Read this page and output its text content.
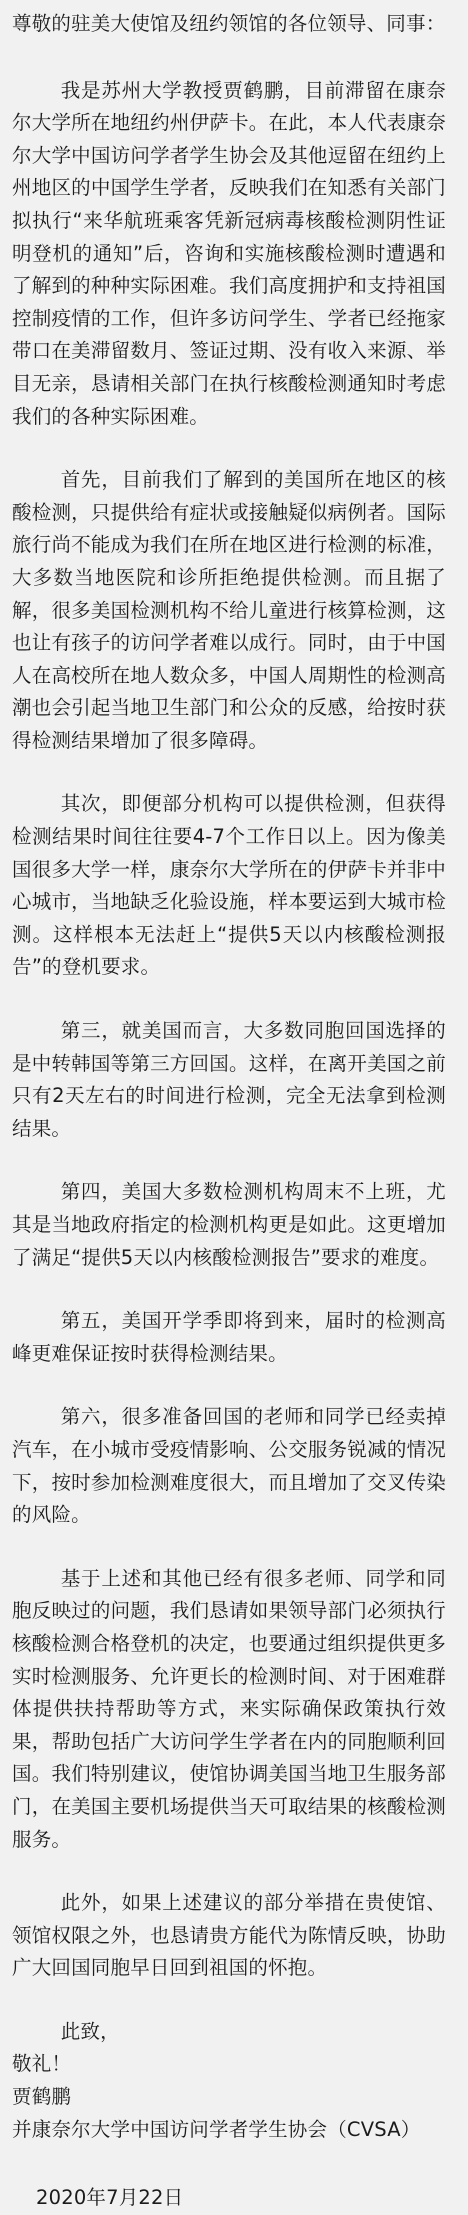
尊敬的驻美大使馆及纽约领馆的各位领导、同事：

我是苏州大学教授贾鹤鹏，目前滞留在康奈尔大学所在地纽约州伊萨卡。在此，本人代表康奈尔大学中国访问学者学生协会及其他逗留在纽约上州地区的中国学生学者，反映我们在知悉有关部门拟执行“来华航班乘客凭新冠病毒核酸检测阴性证明登机的通知”后，咨询和实施核酸检测时遭遇和了解到的种种实际困难。我们高度拥护和支持祖国控制疫情的工作，但许多访问学生、学者已经拖家带口在美滞留数月、签证过期、没有收入来源、举目无亲，恳请相关部门在执行核酸检测通知时考虑我们的各种实际困难。

首先，目前我们了解到的美国所在地区的核酸检测，只提供给有症状或接触疑似病例者。国际旅行尚不能成为我们在所在地区进行检测的标准，大多数当地医院和诊所拒绝提供检测。而且据了解，很多美国检测机构不给儿童进行核算检测，这也让有孩子的访问学者难以成行。同时，由于中国人在高校所在地人数众多，中国人周期性的检测高潮也会引起当地卫生部门和公众的反感，给按时获得检测结果增加了很多障碍。

其次，即便部分机构可以提供检测，但获得检测结果时间往往要4-7个工作日以上。因为像美国很多大学一样，康奈尔大学所在的伊萨卡并非中心城市，当地缺乏化验设施，样本要运到大城市检测。这样根本无法赶上“提供5天以内核酸检测报告”的登机要求。

第三，就美国而言，大多数同胞回国选择的是中转韩国等第三方回国。这样，在离开美国之前只有2天左右的时间进行检测，完全无法拿到检测结果。

第四，美国大多数检测机构周末不上班，尤其是当地政府指定的检测机构更是如此。这更增加了满足“提供5天以内核酸检测报告”要求的难度。

第五，美国开学季即将到来，届时的检测高峰更难保证按时获得检测结果。

第六，很多准备回国的老师和同学已经卖掉汽车，在小城市受疫情影响、公交服务锐减的情况下，按时参加检测难度很大，而且增加了交叉传染的风险。

基于上述和其他已经有很多老师、同学和同胞反映过的问题，我们恳请如果领导部门必须执行核酸检测合格登机的决定，也要通过组织提供更多实时检测服务、允许更长的检测时间、对于困难群体提供扶持帮助等方式，来实际确保政策执行效果，帮助包括广大访问学生学者在内的同胞顺利回国。我们特别建议，使馆协调美国当地卫生服务部门，在美国主要机场提供当天可取结果的核酸检测服务。

此外，如果上述建议的部分举措在贵使馆、领馆权限之外，也恳请贵方能代为陈情反映，协助广大回国同胞早日回到祖国的怀抱。

此致，
敬礼！
贾鹤鹏
并康奈尔大学中国访问学者学生协会（CVSA）
2020年7月22日
